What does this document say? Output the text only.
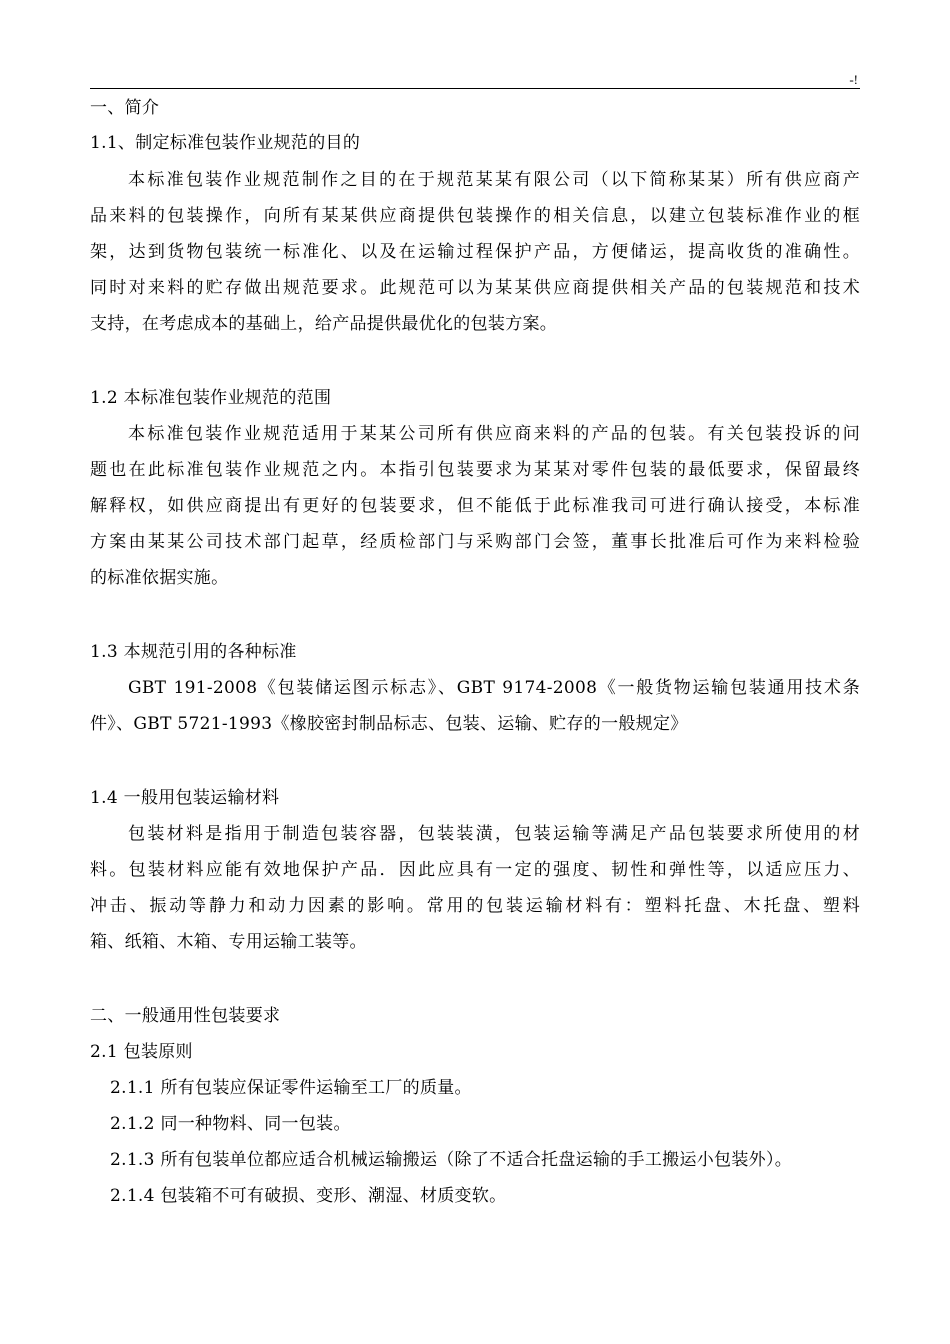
-!
一、简介
1.1、制定标准包装作业规范的目的
本标准包装作业规范制作之目的在于规范某某有限公司（以下简称某某）所有供应商产
品来料的包装操作，向所有某某供应商提供包装操作的相关信息，以建立包装标准作业的框
架，达到货物包装统一标准化、以及在运输过程保护产品，方便储运，提高收货的准确性。
同时对来料的贮存做出规范要求。此规范可以为某某供应商提供相关产品的包装规范和技术
支持，在考虑成本的基础上，给产品提供最优化的包装方案。
1.2 本标准包装作业规范的范围
本标准包装作业规范适用于某某公司所有供应商来料的产品的包装。有关包装投诉的问
题也在此标准包装作业规范之内。本指引包装要求为某某对零件包装的最低要求，保留最终
解释权，如供应商提出有更好的包装要求，但不能低于此标准我司可进行确认接受，本标准
方案由某某公司技术部门起草，经质检部门与采购部门会签，董事长批准后可作为来料检验
的标准依据实施。
1.3 本规范引用的各种标准
GBT 191-2008《包装储运图示标志》、GBT 9174-2008《一般货物运输包装通用技术条
件》、GBT 5721-1993《橡胶密封制品标志、包装、运输、贮存的一般规定》
1.4 一般用包装运输材料
包装材料是指用于制造包装容器，包装装潢，包装运输等满足产品包装要求所使用的材
料。包装材料应能有效地保护产品．因此应具有一定的强度、韧性和弹性等，以适应压力、
冲击、振动等静力和动力因素的影响。常用的包装运输材料有：塑料托盘、木托盘、塑料
箱、纸箱、木箱、专用运输工装等。
二、一般通用性包装要求
2.1 包装原则
2.1.1 所有包装应保证零件运输至工厂的质量。
2.1.2 同一种物料、同一包装。
2.1.3 所有包装单位都应适合机械运输搬运（除了不适合托盘运输的手工搬运小包装外）。
2.1.4 包装箱不可有破损、变形、潮湿、材质变软。
